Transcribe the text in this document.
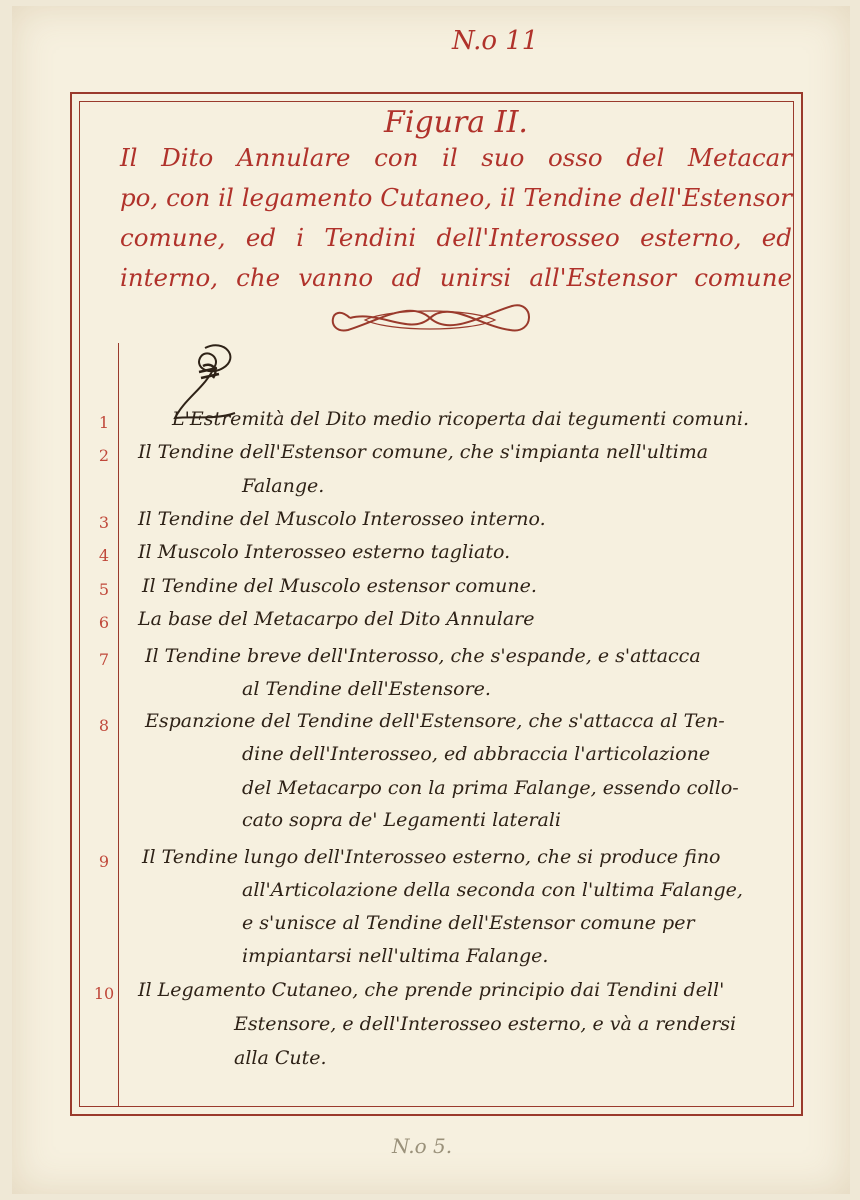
N.o 11
Figura II.
Il Dito Annulare con il suo osso del Metacar
po, con il legamento Cutaneo, il Tendine dell'Estensor
comune, ed i Tendini dell'Interosseo esterno, ed
interno, che vanno ad unirsi all'Estensor comune
1	L'Estremità del Dito medio ricoperta dai tegumenti comuni.
2	Il Tendine dell'Estensor comune, che s'impianta nell'ultima
Falange.
3	Il Tendine del Muscolo Interosseo interno.
4	Il Muscolo Interosseo esterno tagliato.
5	Il Tendine del Muscolo estensor comune.
6	La base del Metacarpo del Dito Annulare
7	Il Tendine breve dell'Interosso, che s'espande, e s'attacca
al Tendine dell'Estensore.
8	Espanzione del Tendine dell'Estensore, che s'attacca al Ten-
dine dell'Interosseo, ed abbraccia l'articolazione
del Metacarpo con la prima Falange, essendo collo-
cato sopra de' Legamenti laterali
9	Il Tendine lungo dell'Interosseo esterno, che si produce fino
all'Articolazione della seconda con l'ultima Falange,
e s'unisce al Tendine dell'Estensor comune per
impiantarsi nell'ultima Falange.
10	Il Legamento Cutaneo, che prende principio dai Tendini dell'
Estensore, e dell'Interosseo esterno, e và a rendersi
alla Cute.
N.o 5.
